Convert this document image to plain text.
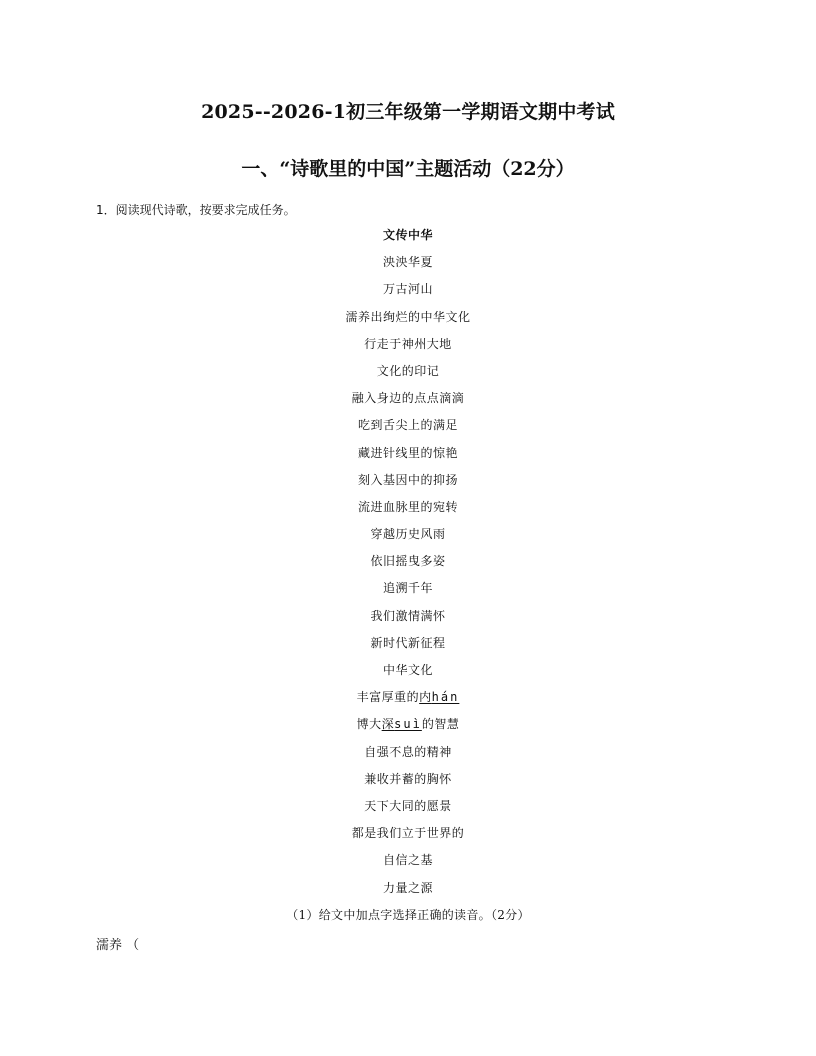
2025--2026-1初三年级第一学期语文期中考试
一、“诗歌里的中国”主题活动（22分）
1．阅读现代诗歌，按要求完成任务。
文传中华
泱泱华夏
万古河山
濡养出绚烂的中华文化
行走于神州大地
文化的印记
融入身边的点点滴滴
吃到舌尖上的满足
藏进针线里的惊艳
刻入基因中的抑扬
流进血脉里的宛转
穿越历史风雨
依旧摇曳多姿
追溯千年
我们激情满怀
新时代新征程
中华文化
丰富厚重的内hán
博大深suì的智慧
自强不息的精神
兼收并蓄的胸怀
天下大同的愿景
都是我们立于世界的
自信之基
力量之源
（1）给文中加点字选择正确的读音。（2分）
濡养 （
